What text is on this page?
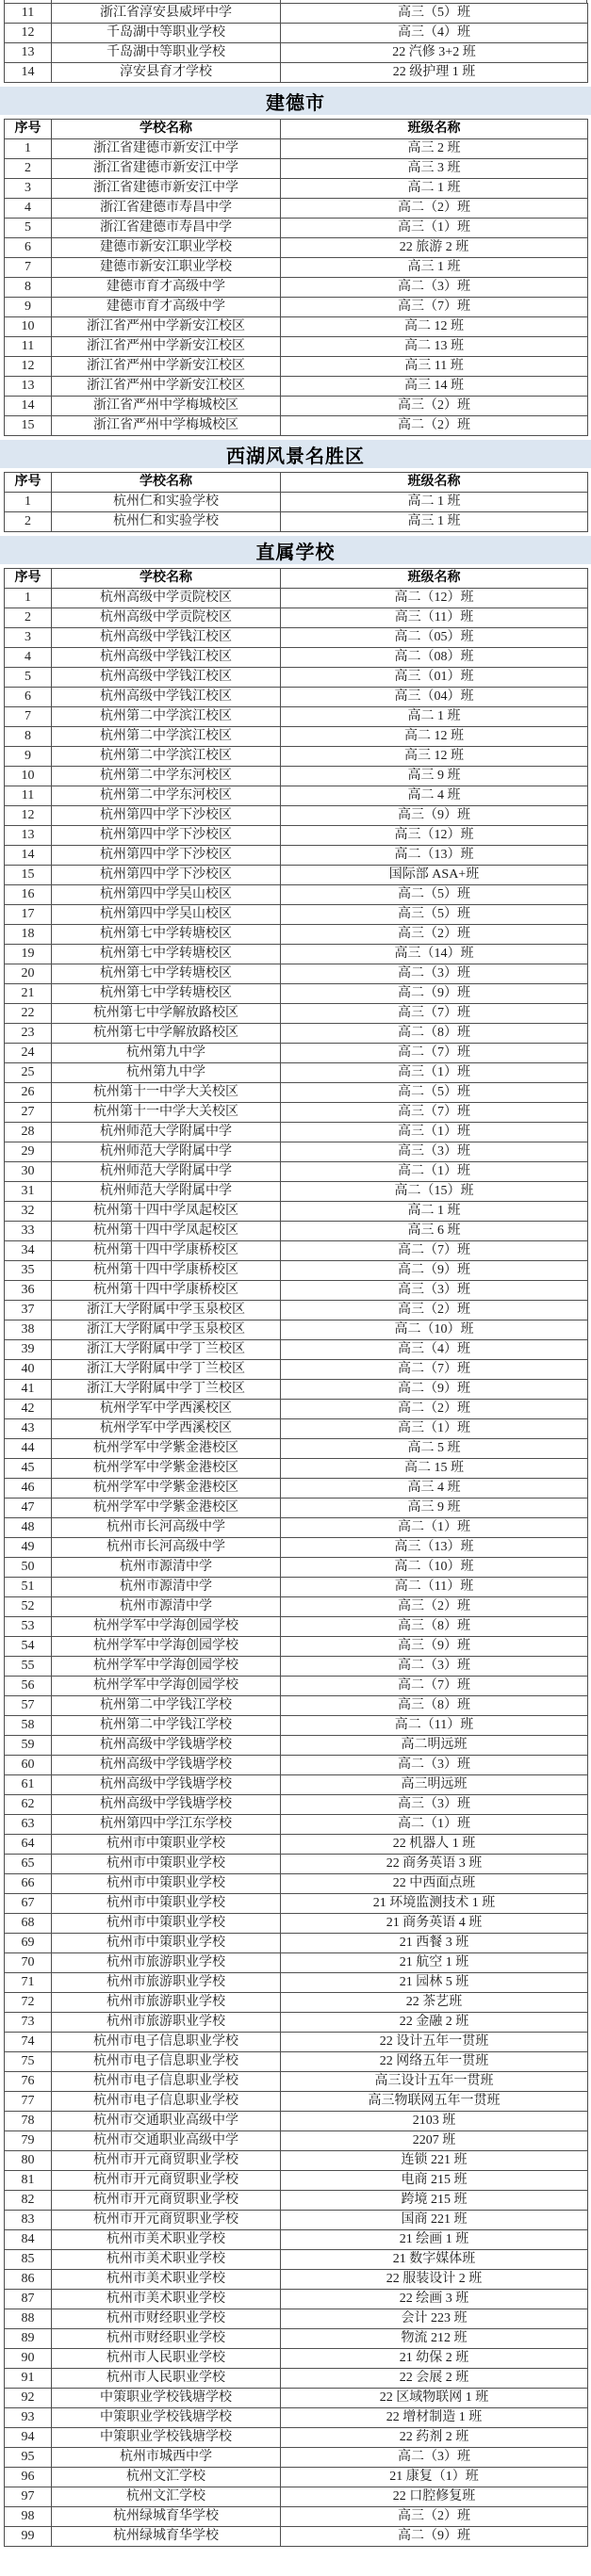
11	浙江省淳安县威坪中学	高三（5）班
12	千岛湖中等职业学校	高三（4）班
13	千岛湖中等职业学校	22 汽修 3+2 班
14	淳安县育才学校	22 级护理 1 班
建德市
序号	学校名称	班级名称
1	浙江省建德市新安江中学	高三 2 班
2	浙江省建德市新安江中学	高三 3 班
3	浙江省建德市新安江中学	高二 1 班
4	浙江省建德市寿昌中学	高二（2）班
5	浙江省建德市寿昌中学	高三（1）班
6	建德市新安江职业学校	22 旅游 2 班
7	建德市新安江职业学校	高三 1 班
8	建德市育才高级中学	高二（3）班
9	建德市育才高级中学	高三（7）班
10	浙江省严州中学新安江校区	高二 12 班
11	浙江省严州中学新安江校区	高二 13 班
12	浙江省严州中学新安江校区	高三 11 班
13	浙江省严州中学新安江校区	高三 14 班
14	浙江省严州中学梅城校区	高三（2）班
15	浙江省严州中学梅城校区	高二（2）班
西湖风景名胜区
序号	学校名称	班级名称
1	杭州仁和实验学校	高二 1 班
2	杭州仁和实验学校	高三 1 班
直属学校
序号	学校名称	班级名称
1	杭州高级中学贡院校区	高二（12）班
2	杭州高级中学贡院校区	高三（11）班
3	杭州高级中学钱江校区	高二（05）班
4	杭州高级中学钱江校区	高二（08）班
5	杭州高级中学钱江校区	高三（01）班
6	杭州高级中学钱江校区	高三（04）班
7	杭州第二中学滨江校区	高二 1 班
8	杭州第二中学滨江校区	高二 12 班
9	杭州第二中学滨江校区	高三 12 班
10	杭州第二中学东河校区	高三 9 班
11	杭州第二中学东河校区	高二 4 班
12	杭州第四中学下沙校区	高三（9）班
13	杭州第四中学下沙校区	高三（12）班
14	杭州第四中学下沙校区	高二（13）班
15	杭州第四中学下沙校区	国际部 ASA+班
16	杭州第四中学吴山校区	高二（5）班
17	杭州第四中学吴山校区	高三（5）班
18	杭州第七中学转塘校区	高三（2）班
19	杭州第七中学转塘校区	高三（14）班
20	杭州第七中学转塘校区	高二（3）班
21	杭州第七中学转塘校区	高二（9）班
22	杭州第七中学解放路校区	高三（7）班
23	杭州第七中学解放路校区	高二（8）班
24	杭州第九中学	高二（7）班
25	杭州第九中学	高三（1）班
26	杭州第十一中学大关校区	高二（5）班
27	杭州第十一中学大关校区	高三（7）班
28	杭州师范大学附属中学	高三（1）班
29	杭州师范大学附属中学	高三（3）班
30	杭州师范大学附属中学	高二（1）班
31	杭州师范大学附属中学	高二（15）班
32	杭州第十四中学凤起校区	高二 1 班
33	杭州第十四中学凤起校区	高三 6 班
34	杭州第十四中学康桥校区	高二（7）班
35	杭州第十四中学康桥校区	高二（9）班
36	杭州第十四中学康桥校区	高三（3）班
37	浙江大学附属中学玉泉校区	高三（2）班
38	浙江大学附属中学玉泉校区	高二（10）班
39	浙江大学附属中学丁兰校区	高三（4）班
40	浙江大学附属中学丁兰校区	高二（7）班
41	浙江大学附属中学丁兰校区	高二（9）班
42	杭州学军中学西溪校区	高二（2）班
43	杭州学军中学西溪校区	高三（1）班
44	杭州学军中学紫金港校区	高二 5 班
45	杭州学军中学紫金港校区	高二 15 班
46	杭州学军中学紫金港校区	高三 4 班
47	杭州学军中学紫金港校区	高三 9 班
48	杭州市长河高级中学	高二（1）班
49	杭州市长河高级中学	高三（13）班
50	杭州市源清中学	高二（10）班
51	杭州市源清中学	高二（11）班
52	杭州市源清中学	高三（2）班
53	杭州学军中学海创园学校	高三（8）班
54	杭州学军中学海创园学校	高三（9）班
55	杭州学军中学海创园学校	高二（3）班
56	杭州学军中学海创园学校	高二（7）班
57	杭州第二中学钱江学校	高三（8）班
58	杭州第二中学钱江学校	高二（11）班
59	杭州高级中学钱塘学校	高二明远班
60	杭州高级中学钱塘学校	高二（3）班
61	杭州高级中学钱塘学校	高三明远班
62	杭州高级中学钱塘学校	高三（3）班
63	杭州第四中学江东学校	高二（1）班
64	杭州市中策职业学校	22 机器人 1 班
65	杭州市中策职业学校	22 商务英语 3 班
66	杭州市中策职业学校	22 中西面点班
67	杭州市中策职业学校	21 环境监测技术 1 班
68	杭州市中策职业学校	21 商务英语 4 班
69	杭州市中策职业学校	21 西餐 3 班
70	杭州市旅游职业学校	21 航空 1 班
71	杭州市旅游职业学校	21 园林 5 班
72	杭州市旅游职业学校	22 茶艺班
73	杭州市旅游职业学校	22 金融 2 班
74	杭州市电子信息职业学校	22 设计五年一贯班
75	杭州市电子信息职业学校	22 网络五年一贯班
76	杭州市电子信息职业学校	高三设计五年一贯班
77	杭州市电子信息职业学校	高三物联网五年一贯班
78	杭州市交通职业高级中学	2103 班
79	杭州市交通职业高级中学	2207 班
80	杭州市开元商贸职业学校	连锁 221 班
81	杭州市开元商贸职业学校	电商 215 班
82	杭州市开元商贸职业学校	跨境 215 班
83	杭州市开元商贸职业学校	国商 221 班
84	杭州市美术职业学校	21 绘画 1 班
85	杭州市美术职业学校	21 数字媒体班
86	杭州市美术职业学校	22 服装设计 2 班
87	杭州市美术职业学校	22 绘画 3 班
88	杭州市财经职业学校	会计 223 班
89	杭州市财经职业学校	物流 212 班
90	杭州市人民职业学校	21 幼保 2 班
91	杭州市人民职业学校	22 会展 2 班
92	中策职业学校钱塘学校	22 区域物联网 1 班
93	中策职业学校钱塘学校	22 增材制造 1 班
94	中策职业学校钱塘学校	22 药剂 2 班
95	杭州市城西中学	高二（3）班
96	杭州文汇学校	21 康复（1）班
97	杭州文汇学校	22 口腔修复班
98	杭州绿城育华学校	高三（2）班
99	杭州绿城育华学校	高二（9）班
